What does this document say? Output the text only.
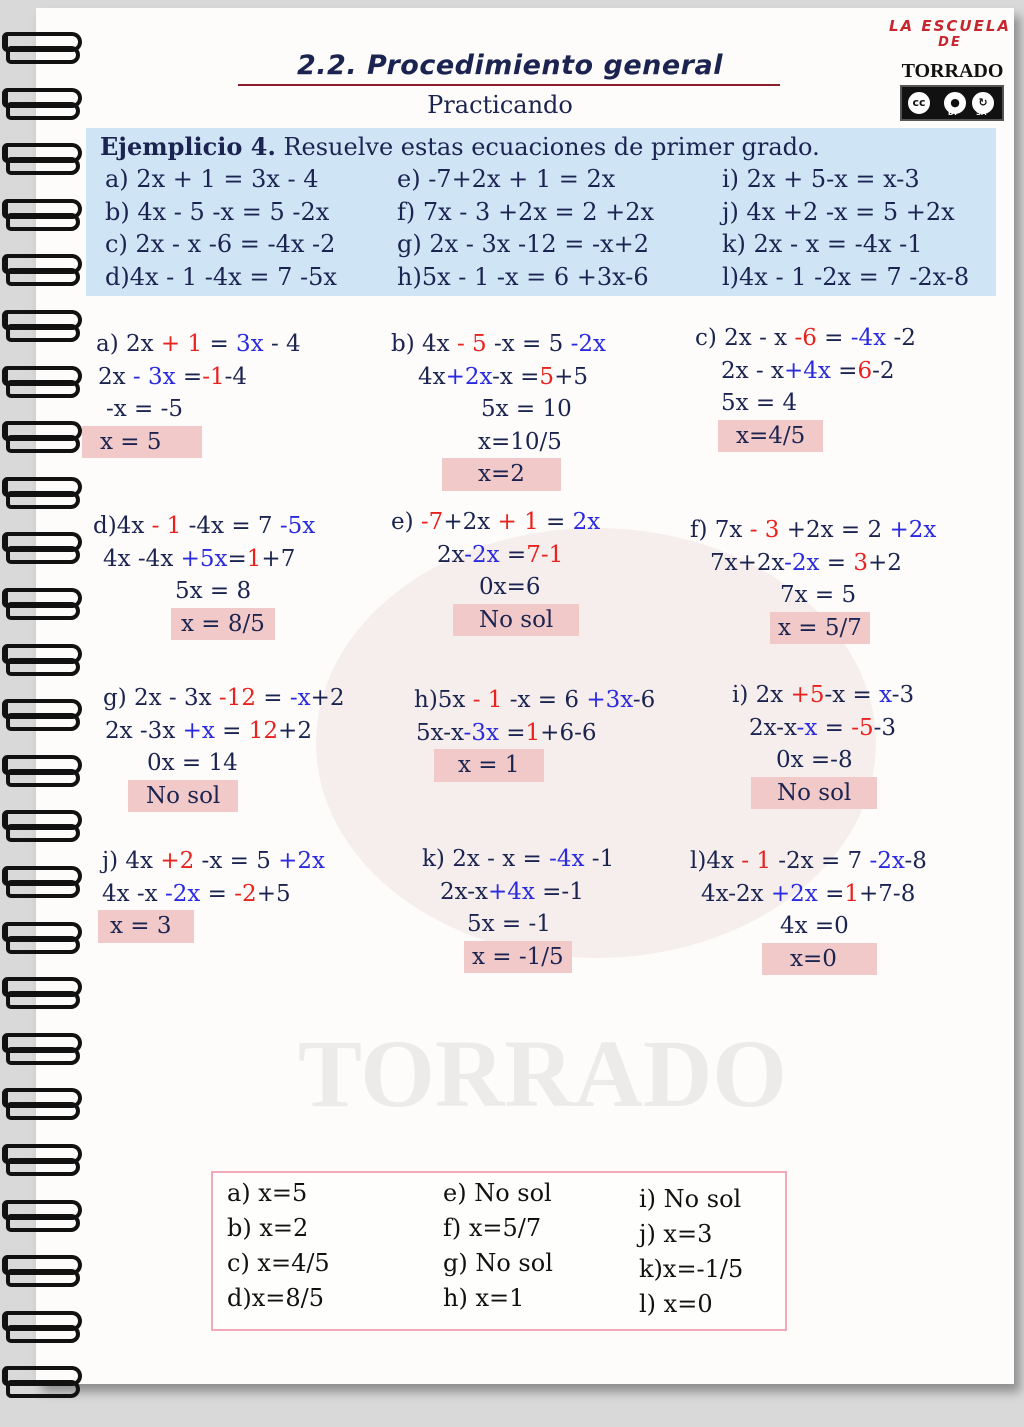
TORRADO
2.2. Procedimiento general
Practicando
LA ESCUELA
DE
TORRADO
cc	●	↻
BY	SA
Ejemplicio 4. Resuelve estas ecuaciones de primer grado.
a) 2x + 1 = 3x - 4
b) 4x - 5 -x = 5 -2x
c) 2x - x -6 = -4x -2
d)4x - 1 -4x = 7 -5x
e) -7+2x + 1 = 2x
f) 7x - 3 +2x = 2 +2x
g) 2x - 3x -12 = -x+2
h)5x - 1 -x = 6 +3x-6
i) 2x + 5-x = x-3
j) 4x +2 -x = 5 +2x
k) 2x - x = -4x -1
l)4x - 1 -2x = 7 -2x-8
a) 2x + 1 = 3x - 4
2x - 3x =-1-4
-x = -5
x = 5
b) 4x - 5 -x = 5 -2x
4x+2x-x =5+5
5x = 10
x=10/5
x=2
c) 2x - x -6 = -4x -2
2x - x+4x =6-2
5x = 4
x=4/5
d)4x - 1 -4x = 7 -5x
4x -4x +5x=1+7
5x = 8
x = 8/5
e) -7+2x + 1 = 2x
2x-2x =7-1
0x=6
No sol
f) 7x - 3 +2x = 2 +2x
7x+2x-2x = 3+2
7x = 5
x = 5/7
g) 2x - 3x -12 = -x+2
2x -3x +x = 12+2
0x = 14
No sol
h)5x - 1 -x = 6 +3x-6
5x-x-3x =1+6-6
x = 1
i) 2x +5-x = x-3
2x-x-x = -5-3
0x =-8
No sol
j) 4x +2 -x = 5 +2x
4x -x -2x = -2+5
x = 3
k) 2x - x = -4x -1
2x-x+4x =-1
5x = -1
x = -1/5
l)4x - 1 -2x = 7 -2x-8
4x-2x +2x =1+7-8
4x =0
x=0
a) x=5
b) x=2
c) x=4/5
d)x=8/5
e) No sol
f) x=5/7
g) No sol
h) x=1
i) No sol
j) x=3
k)x=-1/5
l) x=0
